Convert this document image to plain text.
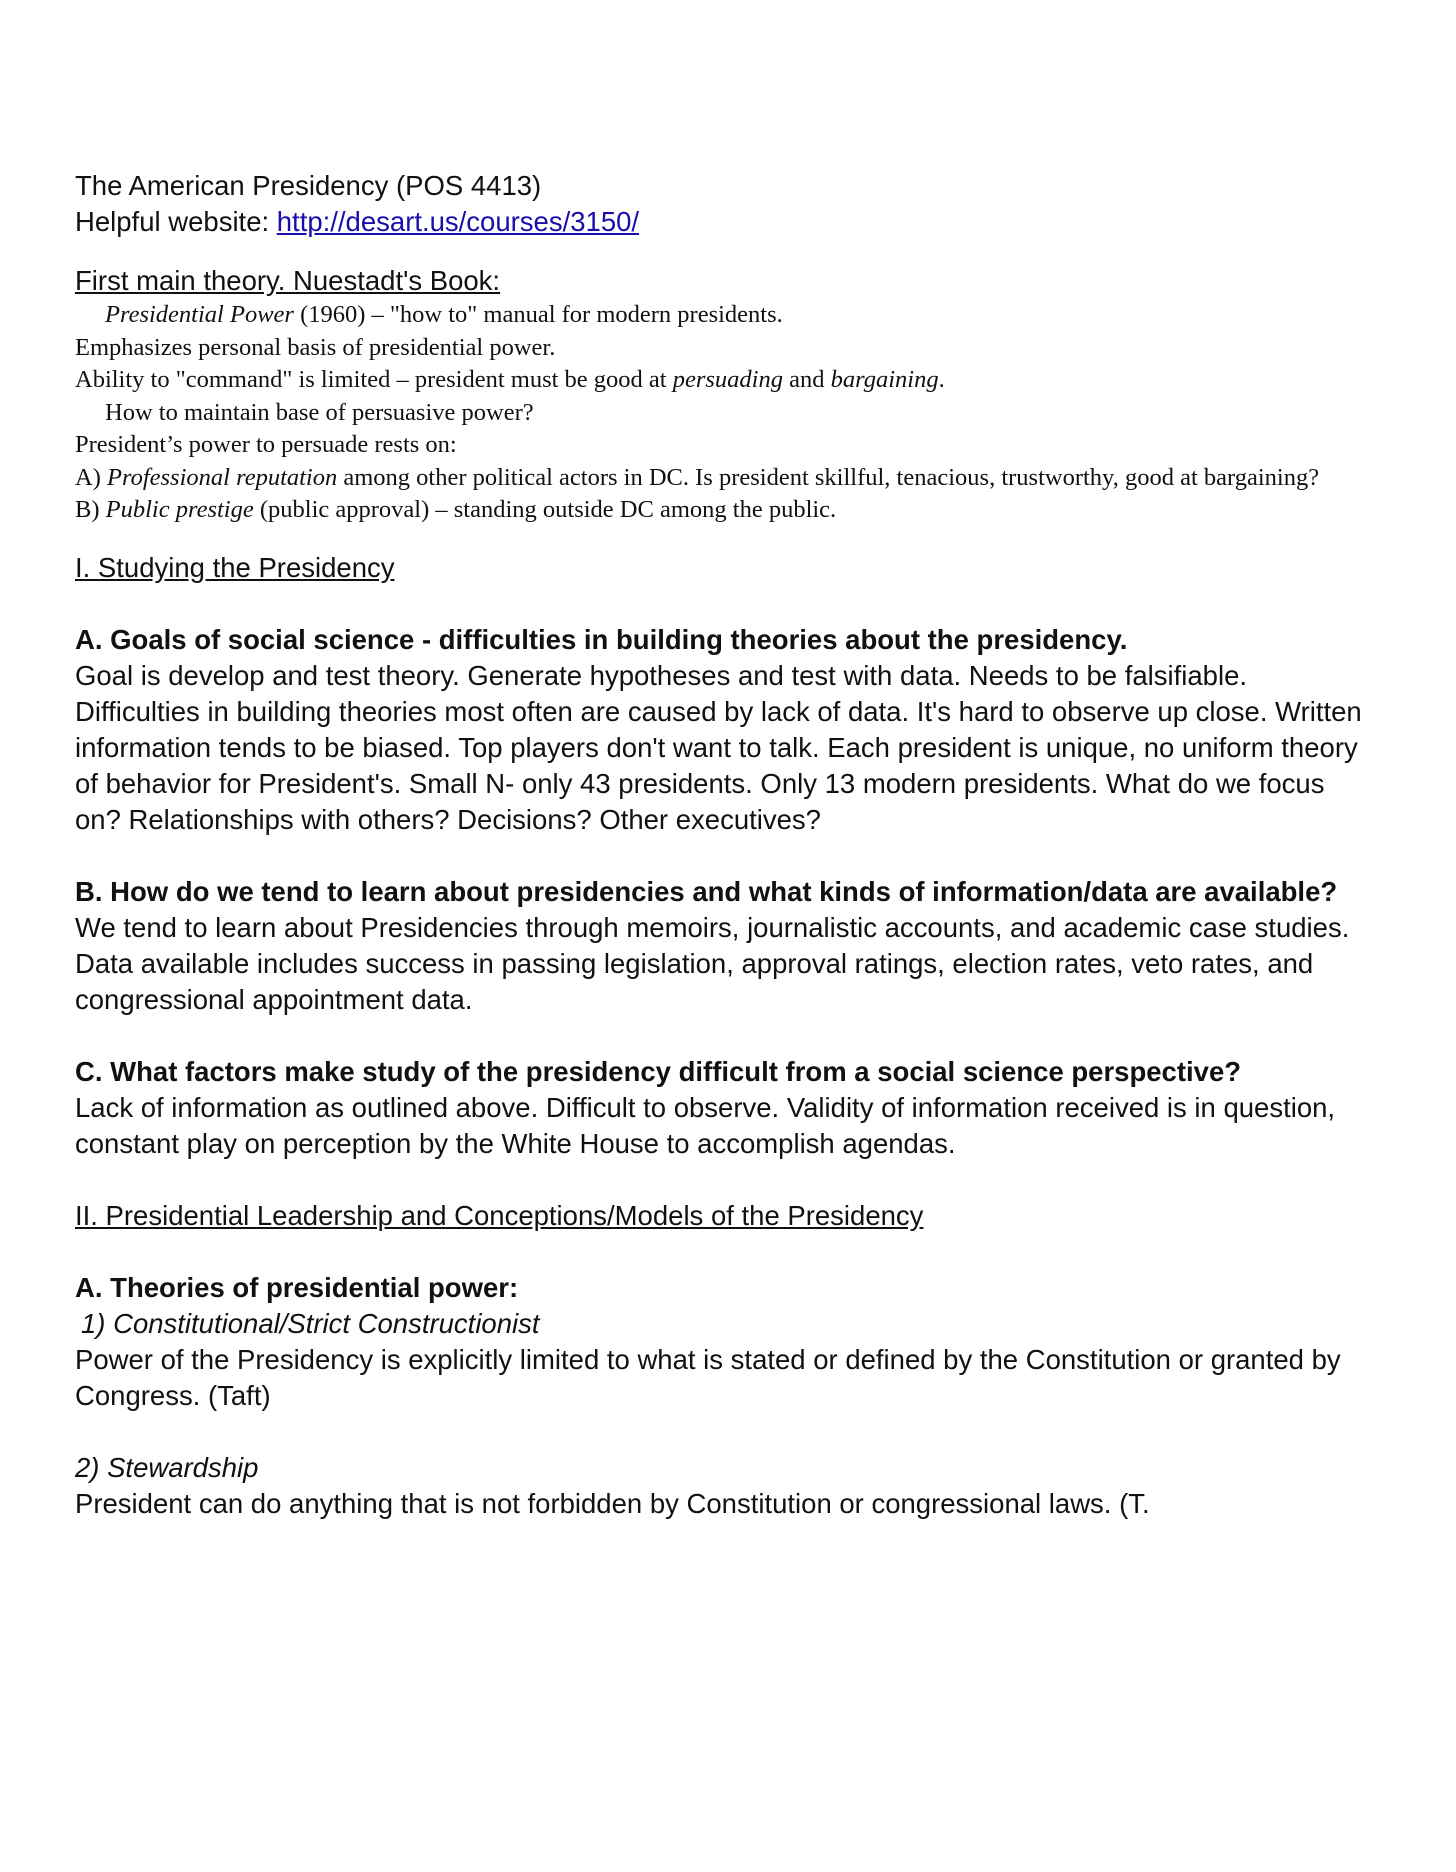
The American Presidency (POS 4413)

Helpful website: http://desart.us/courses/3150/

First main theory. Nuestadt's Book:

Presidential Power (1960) – "how to" manual for modern presidents.

Emphasizes personal basis of presidential power.

Ability to "command" is limited – president must be good at persuading and bargaining.

How to maintain base of persuasive power?

President’s power to persuade rests on:

A) Professional reputation among other political actors in DC. Is president skillful, tenacious, trustworthy, good at bargaining?

B) Public prestige (public approval) – standing outside DC among the public.

I. Studying the Presidency

A. Goals of social science - difficulties in building theories about the presidency.

Goal is develop and test theory. Generate hypotheses and test with data. Needs to be falsifiable. Difficulties in building theories most often are caused by lack of data. It's hard to observe up close. Written information tends to be biased. Top players don't want to talk. Each president is unique, no uniform theory of behavior for President's. Small N- only 43 presidents. Only 13 modern presidents. What do we focus on? Relationships with others? Decisions? Other executives?

B. How do we tend to learn about presidencies and what kinds of information/data are available?

We tend to learn about Presidencies through memoirs, journalistic accounts, and academic case studies. Data available includes success in passing legislation, approval ratings, election rates, veto rates, and congressional appointment data.

C. What factors make study of the presidency difficult from a social science perspective?

Lack of information as outlined above. Difficult to observe. Validity of information received is in question, constant play on perception by the White House to accomplish agendas.

II. Presidential Leadership and Conceptions/Models of the Presidency

A. Theories of presidential power:

1) Constitutional/Strict Constructionist

Power of the Presidency is explicitly limited to what is stated or defined by the Constitution or granted by Congress. (Taft)

2) Stewardship

President can do anything that is not forbidden by Constitution or congressional laws. (T.
